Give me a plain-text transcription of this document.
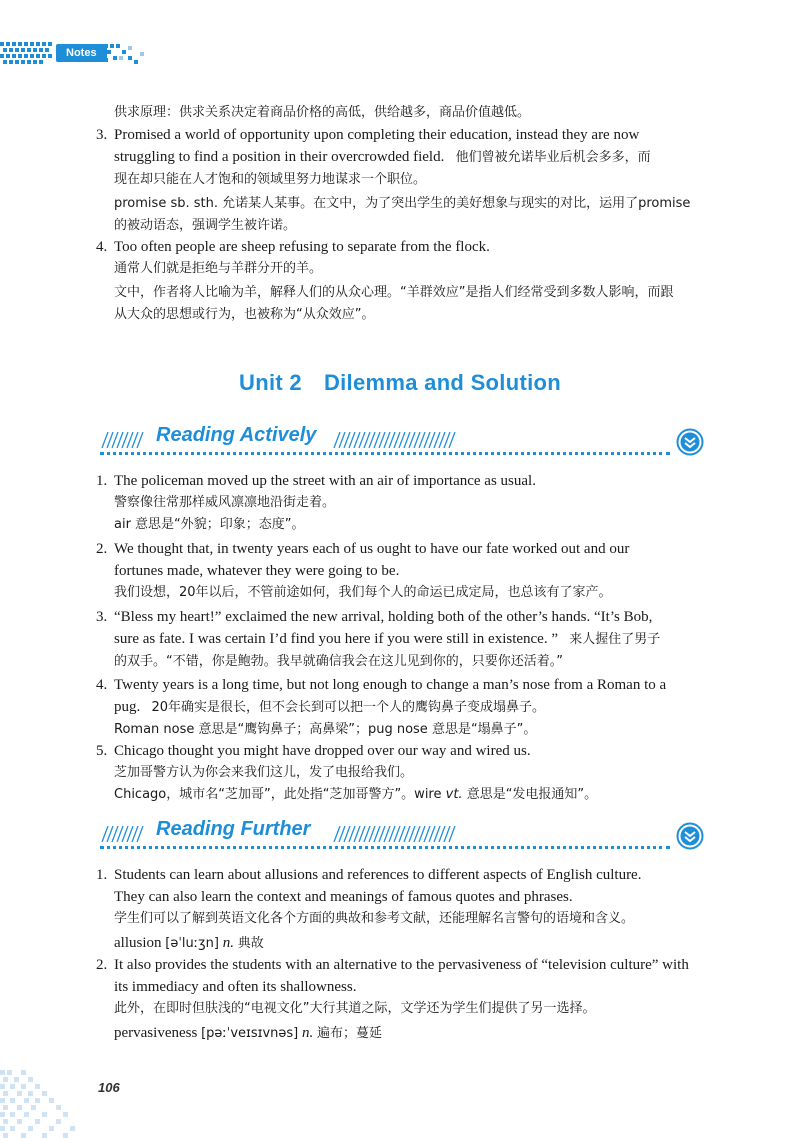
Notes
供求原理：供求关系决定着商品价格的高低，供给越多，商品价值越低。
3. Promised a world of opportunity upon completing their education, instead they are now
struggling to find a position in their overcrowded field. 他们曾被允诺毕业后机会多多，而
现在却只能在人才饱和的领域里努力地谋求一个职位。
promise sb. sth. 允诺某人某事。在文中，为了突出学生的美好想象与现实的对比，运用了promise
的被动语态，强调学生被许诺。
4. Too often people are sheep refusing to separate from the flock.
通常人们就是拒绝与羊群分开的羊。
文中，作者将人比喻为羊，解释人们的从众心理。“羊群效应”是指人们经常受到多数人影响，而跟
从大众的思想或行为，也被称为“从众效应”。
Unit 2 Dilemma and Solution
Reading Actively
1. The policeman moved up the street with an air of importance as usual.
警察像往常那样威风凛凛地沿街走着。
air 意思是“外貌；印象；态度”。
2. We thought that, in twenty years each of us ought to have our fate worked out and our
fortunes made, whatever they were going to be.
我们设想，20年以后，不管前途如何，我们每个人的命运已成定局，也总该有了家产。
3. “Bless my heart!” exclaimed the new arrival, holding both of the other’s hands. “It’s Bob,
sure as fate. I was certain I’d find you here if you were still in existence. ” 来人握住了男子
的双手。“不错，你是鲍勃。我早就确信我会在这儿见到你的，只要你还活着。”
4. Twenty years is a long time, but not long enough to change a man’s nose from a Roman to a
pug. 20年确实是很长，但不会长到可以把一个人的鹰钩鼻子变成塌鼻子。
Roman nose 意思是“鹰钩鼻子；高鼻梁”；pug nose 意思是“塌鼻子”。
5. Chicago thought you might have dropped over our way and wired us.
芝加哥警方认为你会来我们这儿，发了电报给我们。
Chicago，城市名“芝加哥”，此处指“芝加哥警方”。wire vt. 意思是“发电报通知”。
Reading Further
1. Students can learn about allusions and references to different aspects of English culture.
They can also learn the context and meanings of famous quotes and phrases.
学生们可以了解到英语文化各个方面的典故和参考文献，还能理解名言警句的语境和含义。
allusion [əˈluːʒn] n. 典故
2. It also provides the students with an alternative to the pervasiveness of “television culture” with
its immediacy and often its shallowness.
此外，在即时但肤浅的“电视文化”大行其道之际，文学还为学生们提供了另一选择。
pervasiveness [pəːˈveɪsɪvnəs] n. 遍布；蔓延
106
